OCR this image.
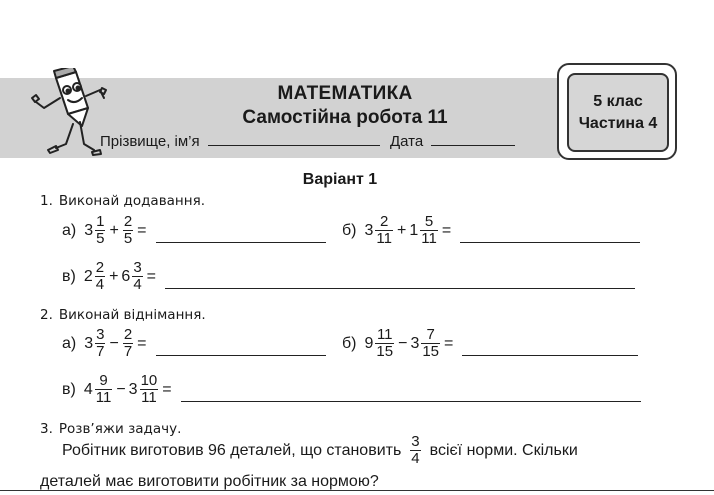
МАТЕМАТИКА
Самостійна робота 11
Прізвище, ім’я	Дата
5 клас
Частина 4
Варіант 1
1. Виконай додавання.
а) $3 \frac{1}{5} + \frac{2}{5}$ =	б) $3 \frac{2}{11} + 1 \frac{5}{11}$ =
в) $2 \frac{2}{4} + 6 \frac{3}{4}$ =
2. Виконай віднімання.
а) $3 \frac{3}{7} - \frac{2}{7}$ =	б) $9 \frac{11}{15} - 3 \frac{7}{15}$ =
в) $4 \frac{9}{11} - 3 \frac{10}{11}$ =
3. Розв’яжи задачу.
Робітник виготовив 96 деталей, що становить $\frac{3}{4}$ всієї норми. Скільки
деталей має виготовити робітник за нормою?
